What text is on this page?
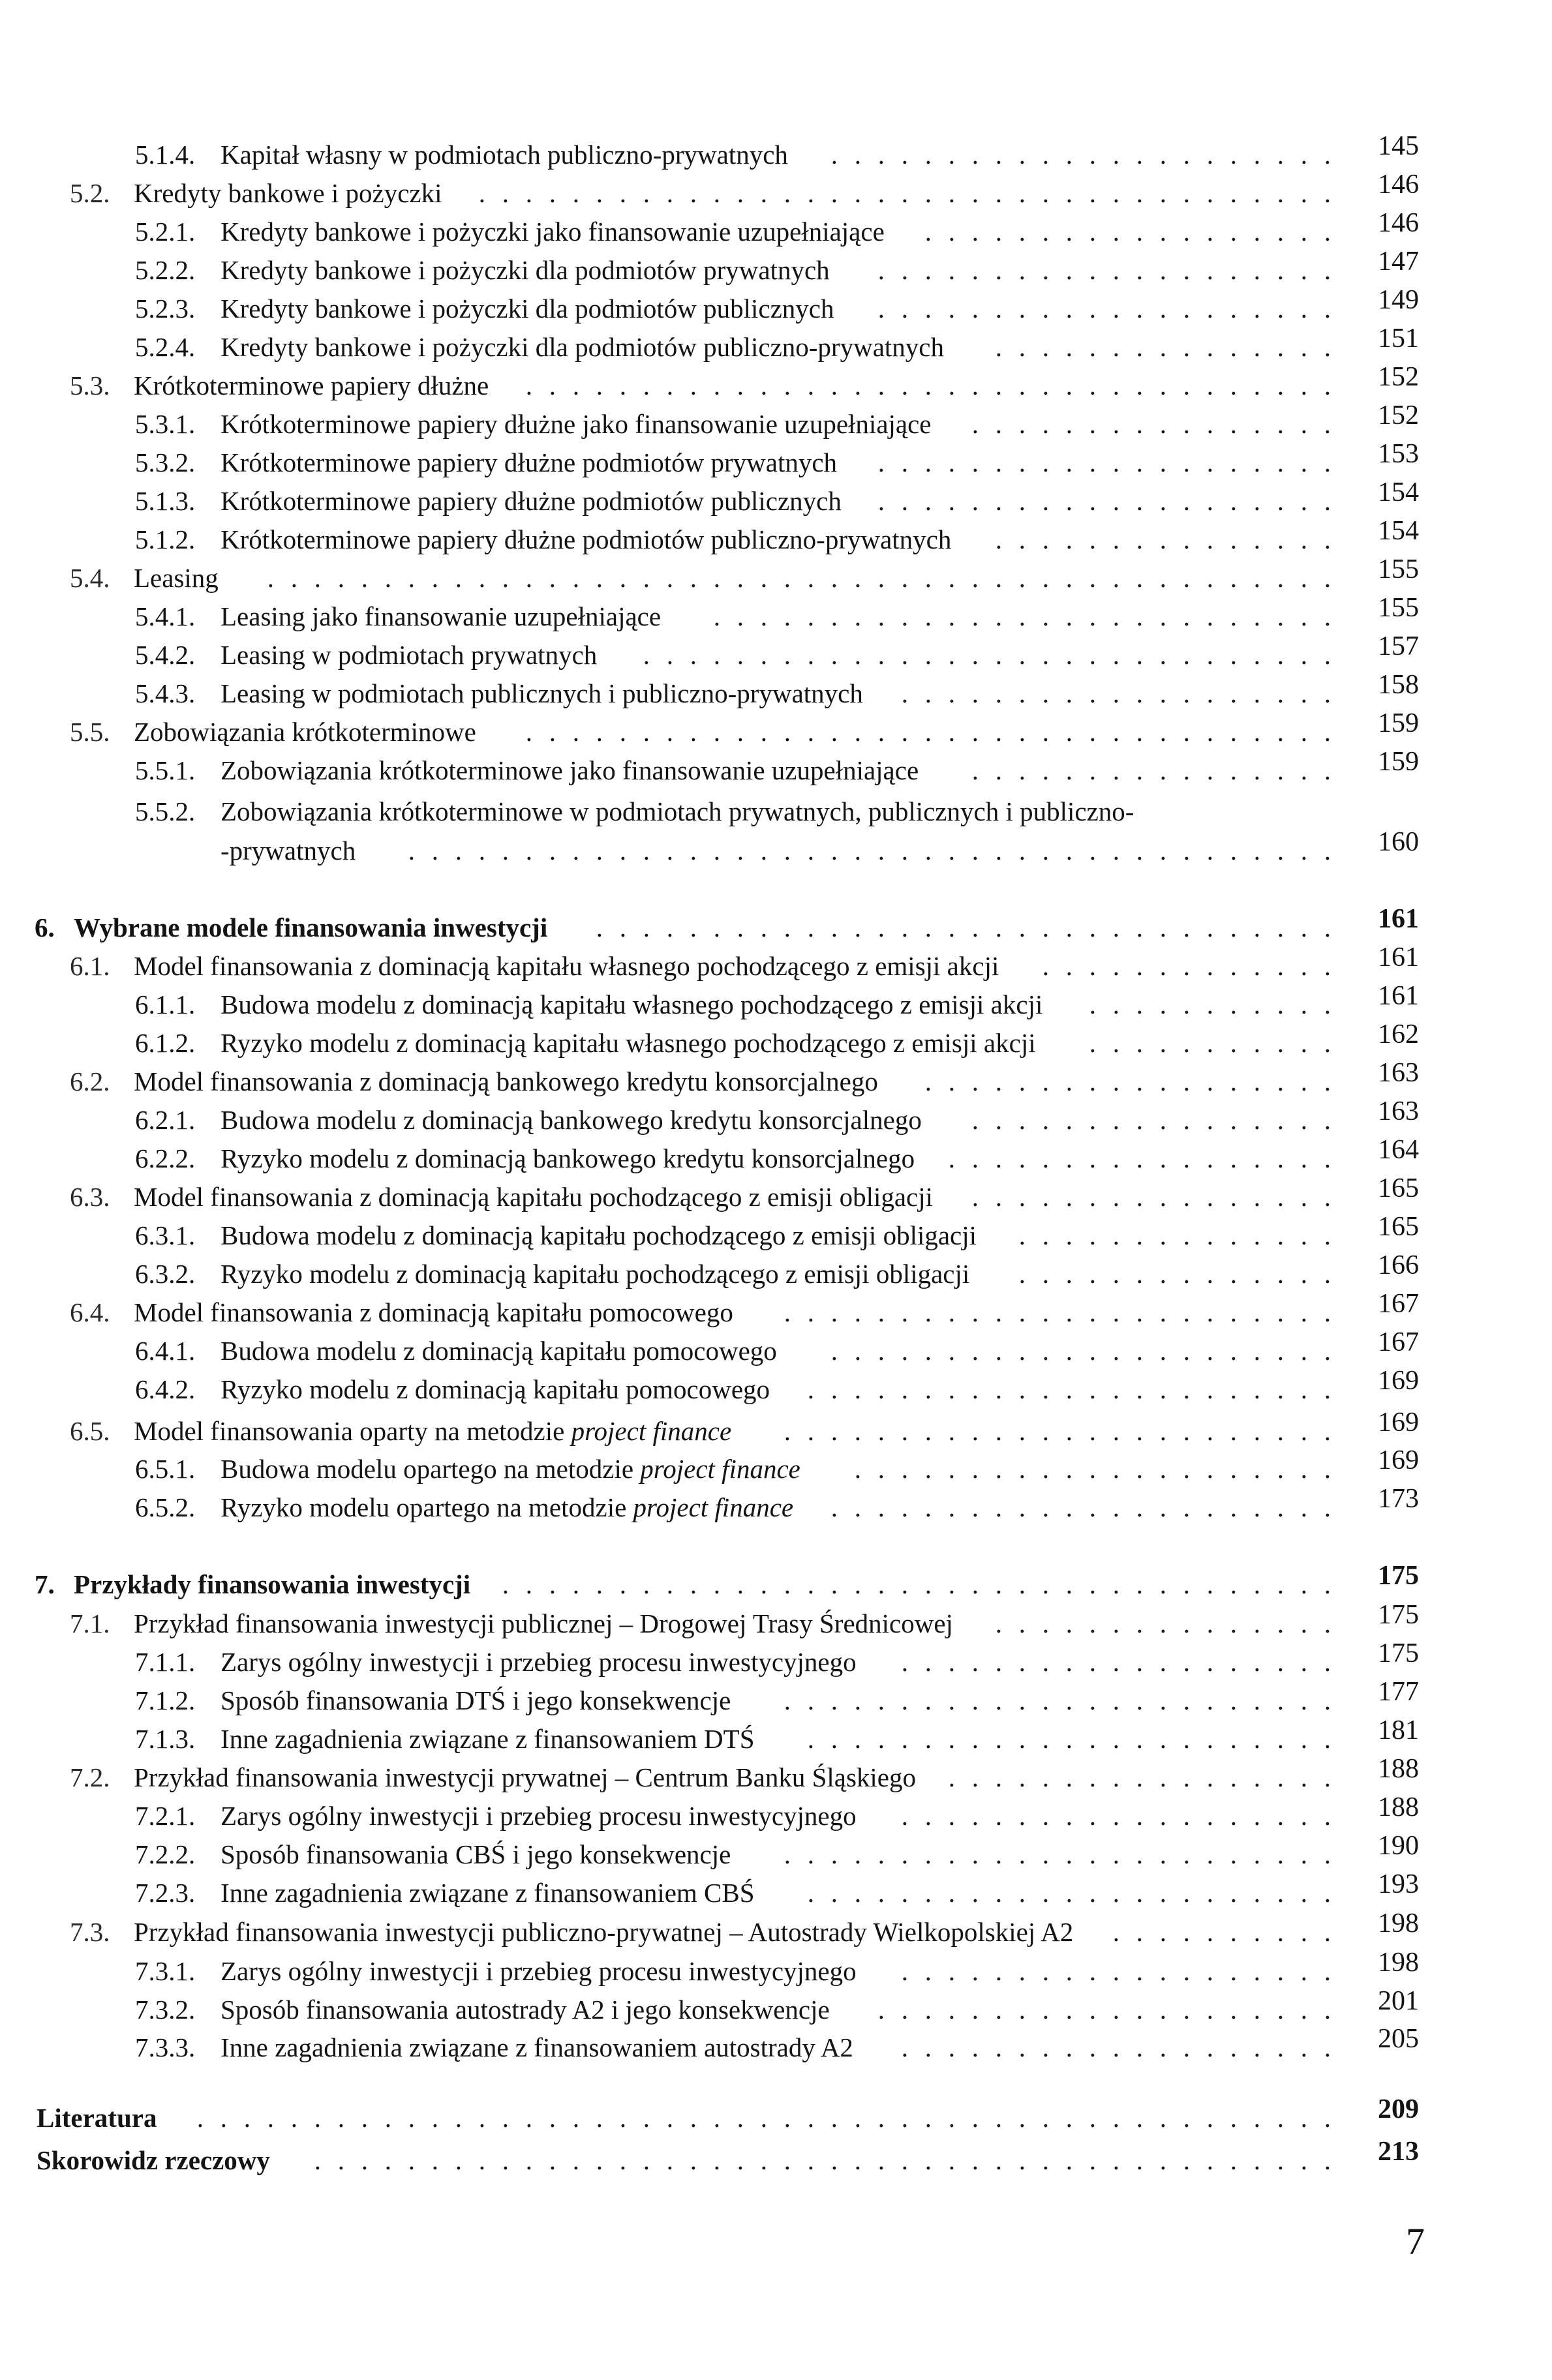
5.1.4. Kapitał własny w podmiotach publiczno-prywatnych	......................	145
5.2. Kredyty bankowe i pożyczki	.....................................	146
5.2.1. Kredyty bankowe i pożyczki jako finansowanie uzupełniające	..................	146
5.2.2. Kredyty bankowe i pożyczki dla podmiotów prywatnych	....................	147
5.2.3. Kredyty bankowe i pożyczki dla podmiotów publicznych	....................	149
5.2.4. Kredyty bankowe i pożyczki dla podmiotów publiczno-prywatnych	...............	151
5.3. Krótkoterminowe papiery dłużne	...................................	152
5.3.1. Krótkoterminowe papiery dłużne jako finansowanie uzupełniające	................	152
5.3.2. Krótkoterminowe papiery dłużne podmiotów prywatnych	....................	153
5.1.3. Krótkoterminowe papiery dłużne podmiotów publicznych	....................	154
5.1.2. Krótkoterminowe papiery dłużne podmiotów publiczno-prywatnych	...............	154
5.4. Leasing	..............................................	155
5.4.1. Leasing jako finansowanie uzupełniające	...........................	155
5.4.2. Leasing w podmiotach prywatnych	..............................	157
5.4.3. Leasing w podmiotach publicznych i publiczno-prywatnych	...................	158
5.5. Zobowiązania krótkoterminowe	...................................	159
5.5.1. Zobowiązania krótkoterminowe jako finansowanie uzupełniające	................	159
5.5.2. Zobowiązania krótkoterminowe w podmiotach prywatnych, publicznych i publiczno-
-prywatnych	........................................	160
6. Wybrane modele finansowania inwestycji	................................	161
6.1. Model finansowania z dominacją kapitału własnego pochodzącego z emisji akcji	.............	161
6.1.1. Budowa modelu z dominacją kapitału własnego pochodzącego z emisji akcji	...........	161
6.1.2. Ryzyko modelu z dominacją kapitału własnego pochodzącego z emisji akcji	...........	162
6.2. Model finansowania z dominacją bankowego kredytu konsorcjalnego	..................	163
6.2.1. Budowa modelu z dominacją bankowego kredytu konsorcjalnego	................	163
6.2.2. Ryzyko modelu z dominacją bankowego kredytu konsorcjalnego	.................	164
6.3. Model finansowania z dominacją kapitału pochodzącego z emisji obligacji	................	165
6.3.1. Budowa modelu z dominacją kapitału pochodzącego z emisji obligacji	..............	165
6.3.2. Ryzyko modelu z dominacją kapitału pochodzącego z emisji obligacji	..............	166
6.4. Model finansowania z dominacją kapitału pomocowego	........................	167
6.4.1. Budowa modelu z dominacją kapitału pomocowego	......................	167
6.4.2. Ryzyko modelu z dominacją kapitału pomocowego	.......................	169
6.5. Model finansowania oparty na metodzie project finance	........................	169
6.5.1. Budowa modelu opartego na metodzie project finance	.....................	169
6.5.2. Ryzyko modelu opartego na metodzie project finance	......................	173
7. Przykłady finansowania inwestycji	....................................	175
7.1. Przykład finansowania inwestycji publicznej – Drogowej Trasy Średnicowej	...............	175
7.1.1. Zarys ogólny inwestycji i przebieg procesu inwestycyjnego	...................	175
7.1.2. Sposób finansowania DTŚ i jego konsekwencje	........................	177
7.1.3. Inne zagadnienia związane z finansowaniem DTŚ	.......................	181
7.2. Przykład finansowania inwestycji prywatnej – Centrum Banku Śląskiego	.................	188
7.2.1. Zarys ogólny inwestycji i przebieg procesu inwestycyjnego	...................	188
7.2.2. Sposób finansowania CBŚ i jego konsekwencje	........................	190
7.2.3. Inne zagadnienia związane z finansowaniem CBŚ	.......................	193
7.3. Przykład finansowania inwestycji publiczno-prywatnej – Autostrady Wielkopolskiej A2	..........	198
7.3.1. Zarys ogólny inwestycji i przebieg procesu inwestycyjnego	...................	198
7.3.2. Sposób finansowania autostrady A2 i jego konsekwencje	....................	201
7.3.3. Inne zagadnienia związane z finansowaniem autostrady A2	...................	205
Literatura	.................................................	209
Skorowidz rzeczowy	............................................	213
7
